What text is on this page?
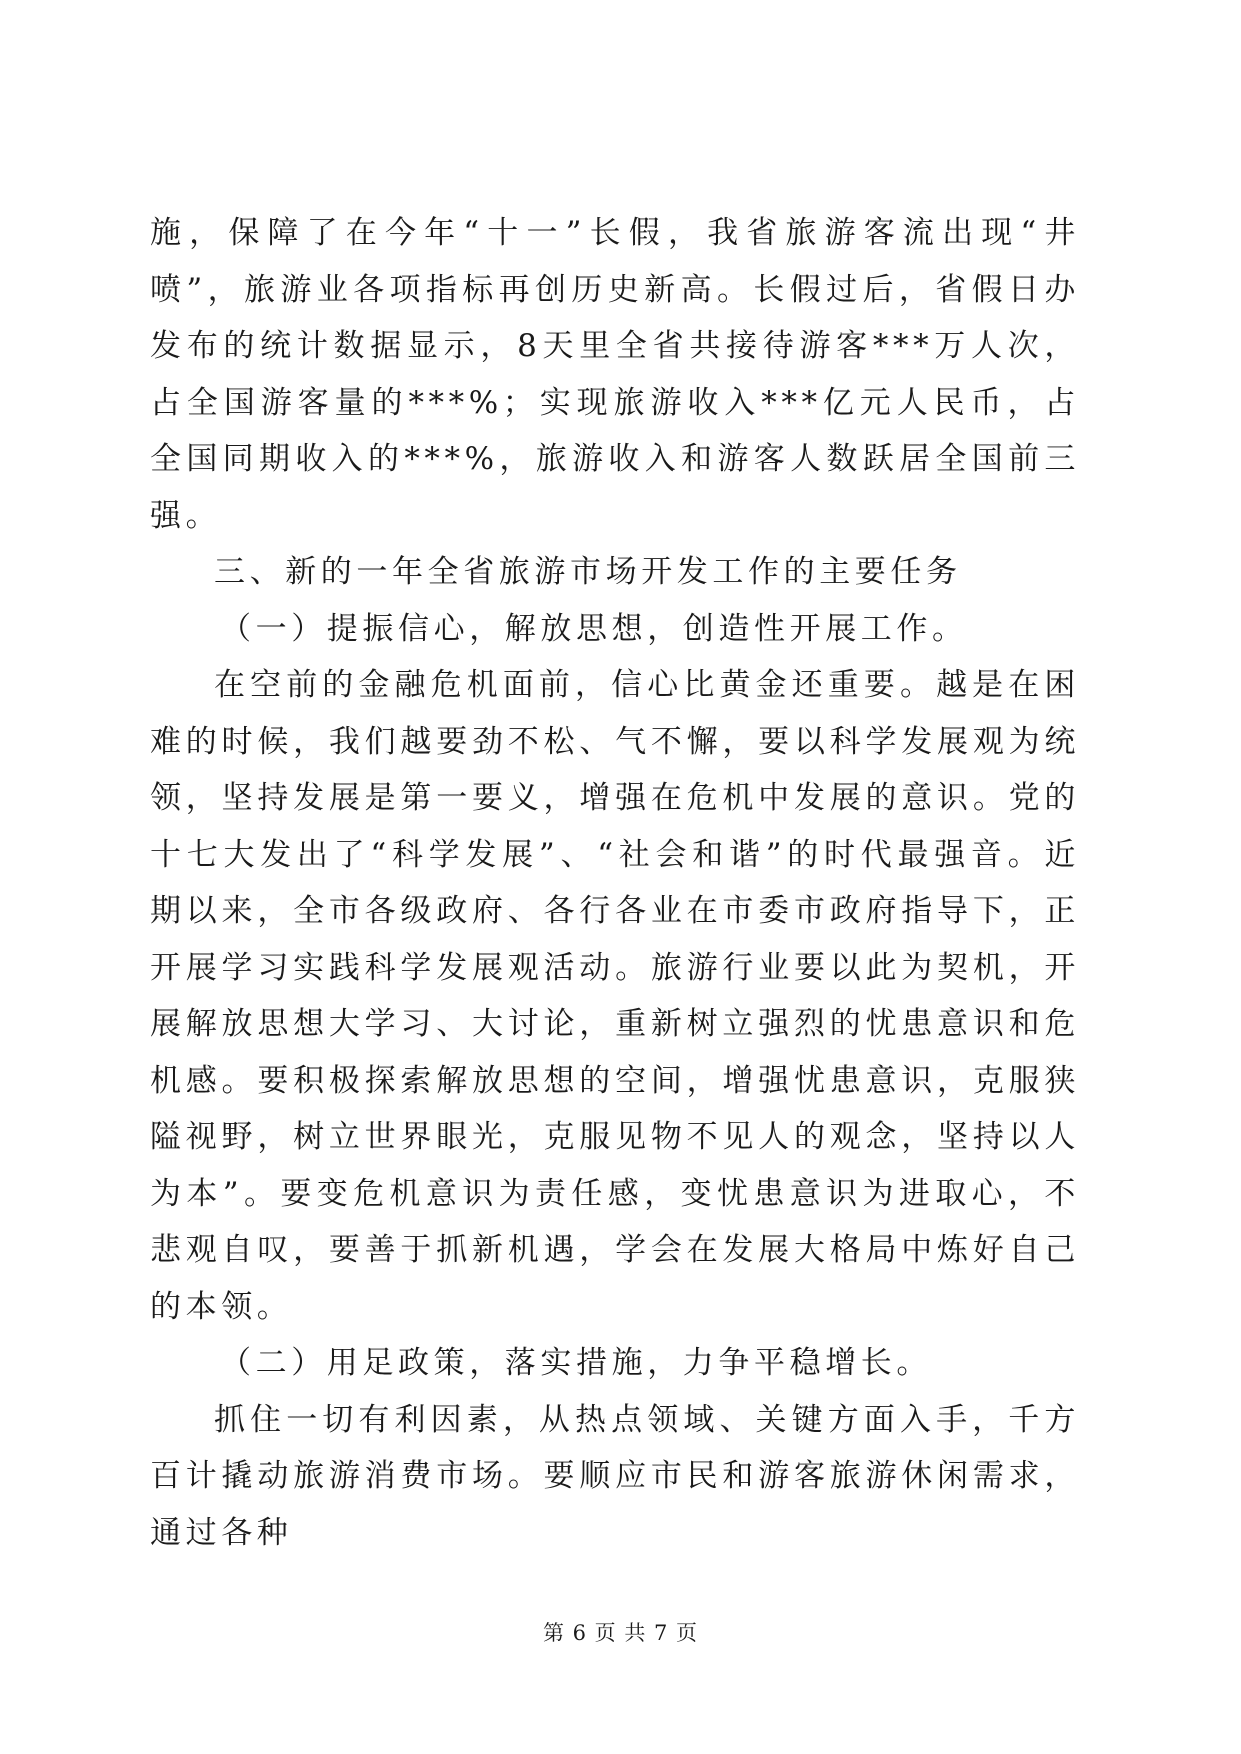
施，保障了在今年“十一”长假，我省旅游客流出现“井喷”，旅游业各项指标再创历史新高。长假过后，省假日办发布的统计数据显示，8天里全省共接待游客***万人次，占全国游客量的***%；实现旅游收入***亿元人民币，占全国同期收入的***%，旅游收入和游客人数跃居全国前三强。

三、新的一年全省旅游市场开发工作的主要任务

（一）提振信心，解放思想，创造性开展工作。

在空前的金融危机面前，信心比黄金还重要。越是在困难的时候，我们越要劲不松、气不懈，要以科学发展观为统领，坚持发展是第一要义，增强在危机中发展的意识。党的十七大发出了“科学发展”、“社会和谐”的时代最强音。近期以来，全市各级政府、各行各业在市委市政府指导下，正开展学习实践科学发展观活动。旅游行业要以此为契机，开展解放思想大学习、大讨论，重新树立强烈的忧患意识和危机感。要积极探索解放思想的空间，增强忧患意识，克服狭隘视野，树立世界眼光，克服见物不见人的观念，坚持以人为本”。要变危机意识为责任感，变忧患意识为进取心，不悲观自叹，要善于抓新机遇，学会在发展大格局中炼好自己的本领。

（二）用足政策，落实措施，力争平稳增长。

抓住一切有利因素，从热点领域、关键方面入手，千方百计撬动旅游消费市场。要顺应市民和游客旅游休闲需求，通过各种

第 6 页 共 7 页
